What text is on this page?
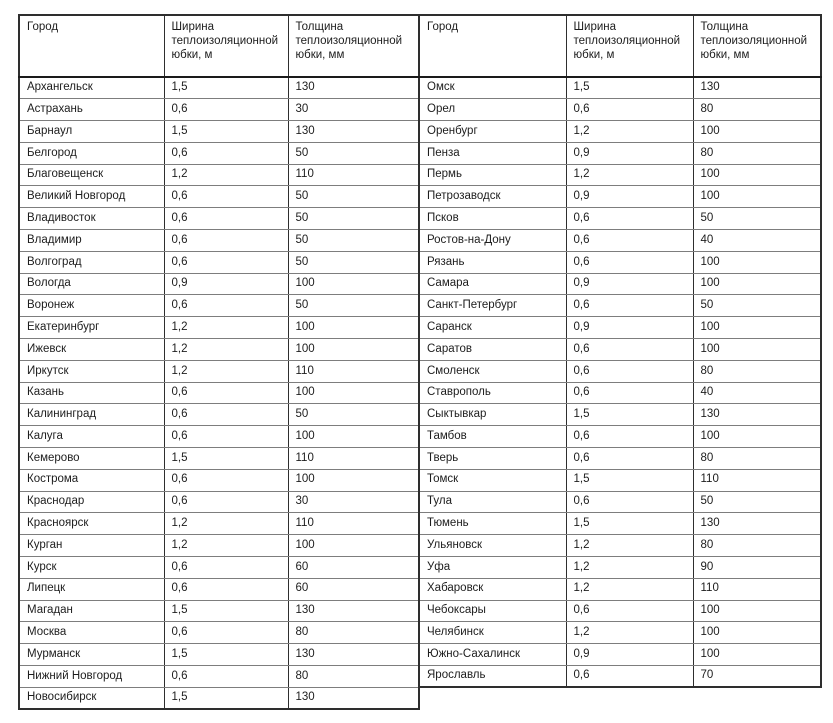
Город	Ширина теплоизоляционной юбки, м	Толщина теплоизоляционной юбки, мм
Архангельск	1,5	130
Астрахань	0,6	30
Барнаул	1,5	130
Белгород	0,6	50
Благовещенск	1,2	110
Великий Новгород	0,6	50
Владивосток	0,6	50
Владимир	0,6	50
Волгоград	0,6	50
Вологда	0,9	100
Воронеж	0,6	50
Екатеринбург	1,2	100
Ижевск	1,2	100
Иркутск	1,2	110
Казань	0,6	100
Калининград	0,6	50
Калуга	0,6	100
Кемерово	1,5	110
Кострома	0,6	100
Краснодар	0,6	30
Красноярск	1,2	110
Курган	1,2	100
Курск	0,6	60
Липецк	0,6	60
Магадан	1,5	130
Москва	0,6	80
Мурманск	1,5	130
Нижний Новгород	0,6	80
Новосибирск	1,5	130
Город	Ширина теплоизоляционной юбки, м	Толщина теплоизоляционной юбки, мм
Омск	1,5	130
Орел	0,6	80
Оренбург	1,2	100
Пенза	0,9	80
Пермь	1,2	100
Петрозаводск	0,9	100
Псков	0,6	50
Ростов-на-Дону	0,6	40
Рязань	0,6	100
Самара	0,9	100
Санкт-Петербург	0,6	50
Саранск	0,9	100
Саратов	0,6	100
Смоленск	0,6	80
Ставрополь	0,6	40
Сыктывкар	1,5	130
Тамбов	0,6	100
Тверь	0,6	80
Томск	1,5	110
Тула	0,6	50
Тюмень	1,5	130
Ульяновск	1,2	80
Уфа	1,2	90
Хабаровск	1,2	110
Чебоксары	0,6	100
Челябинск	1,2	100
Южно-Сахалинск	0,9	100
Ярославль	0,6	70
